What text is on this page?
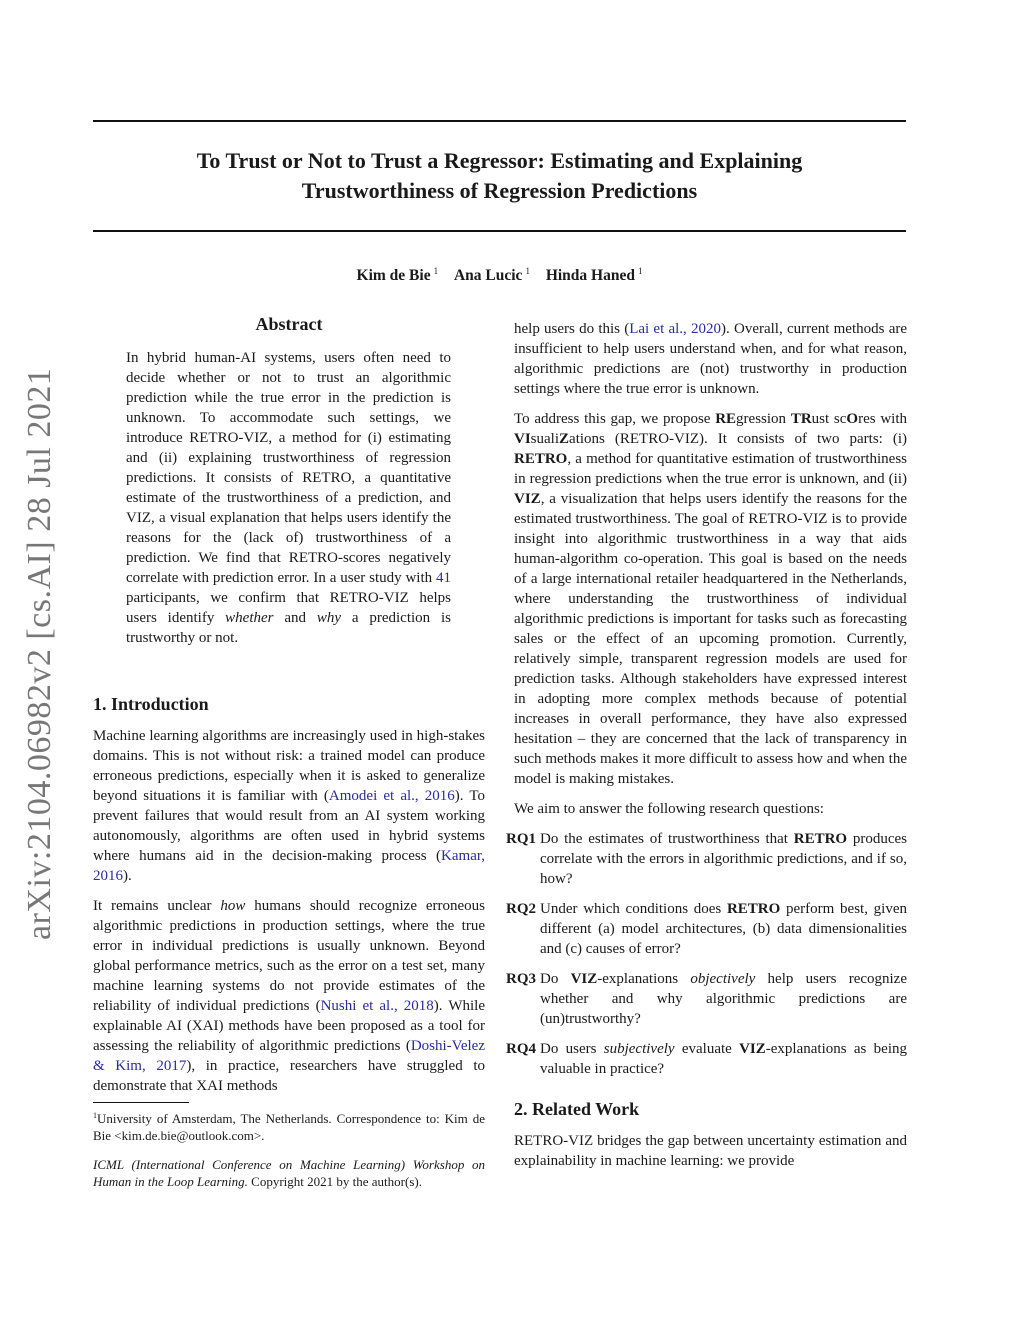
To Trust or Not to Trust a Regressor: Estimating and Explaining
Trustworthiness of Regression Predictions
Kim de Bie $^1$ Ana Lucic $^1$ Hinda Haned $^1$
arXiv:2104.06982v2 [cs.AI] 28 Jul 2021
Abstract

In hybrid human-AI systems, users often need to decide whether or not to trust an algorithmic prediction while the true error in the prediction is unknown. To accommodate such settings, we introduce RETRO-VIZ, a method for (i) estimating and (ii) explaining trustworthiness of regression predictions. It consists of RETRO, a quantitative estimate of the trustworthiness of a prediction, and VIZ, a visual explanation that helps users identify the reasons for the (lack of) trustworthiness of a prediction. We find that RETRO-scores negatively correlate with prediction error. In a user study with 41 participants, we confirm that RETRO-VIZ helps users identify whether and why a prediction is trustworthy or not.

1. Introduction

Machine learning algorithms are increasingly used in high-stakes domains. This is not without risk: a trained model can produce erroneous predictions, especially when it is asked to generalize beyond situations it is familiar with (Amodei et al., 2016). To prevent failures that would result from an AI system working autonomously, algorithms are often used in hybrid systems where humans aid in the decision-making process (Kamar, 2016).

It remains unclear how humans should recognize erroneous algorithmic predictions in production settings, where the true error in individual predictions is usually unknown. Beyond global performance metrics, such as the error on a test set, many machine learning systems do not provide estimates of the reliability of individual predictions (Nushi et al., 2018). While explainable AI (XAI) methods have been proposed as a tool for assessing the reliability of algorithmic predictions (Doshi-Velez & Kim, 2017), in practice, researchers have struggled to demonstrate that XAI methods

$^1$University of Amsterdam, The Netherlands. Correspondence to: Kim de Bie <kim.de.bie@outlook.com>.

ICML (International Conference on Machine Learning) Workshop on Human in the Loop Learning. Copyright 2021 by the author(s).

help users do this (Lai et al., 2020). Overall, current methods are insufficient to help users understand when, and for what reason, algorithmic predictions are (not) trustworthy in production settings where the true error is unknown.

To address this gap, we propose REgression TRust scOres with VIsualiZations (RETRO-VIZ). It consists of two parts: (i) RETRO, a method for quantitative estimation of trustworthiness in regression predictions when the true error is unknown, and (ii) VIZ, a visualization that helps users identify the reasons for the estimated trustworthiness. The goal of RETRO-VIZ is to provide insight into algorithmic trustworthiness in a way that aids human-algorithm co-operation. This goal is based on the needs of a large international retailer headquartered in the Netherlands, where understanding the trustworthiness of individual algorithmic predictions is important for tasks such as forecasting sales or the effect of an upcoming promotion. Currently, relatively simple, transparent regression models are used for prediction tasks. Although stakeholders have expressed interest in adopting more complex methods because of potential increases in overall performance, they have also expressed hesitation – they are concerned that the lack of transparency in such methods makes it more difficult to assess how and when the model is making mistakes.

We aim to answer the following research questions:

RQ1 Do the estimates of trustworthiness that RETRO produces correlate with the errors in algorithmic predictions, and if so, how?

RQ2 Under which conditions does RETRO perform best, given different (a) model architectures, (b) data dimensionalities and (c) causes of error?

RQ3 Do VIZ-explanations objectively help users recognize whether and why algorithmic predictions are (un)trustworthy?

RQ4 Do users subjectively evaluate VIZ-explanations as being valuable in practice?

2. Related Work

RETRO-VIZ bridges the gap between uncertainty estimation and explainability in machine learning: we provide
